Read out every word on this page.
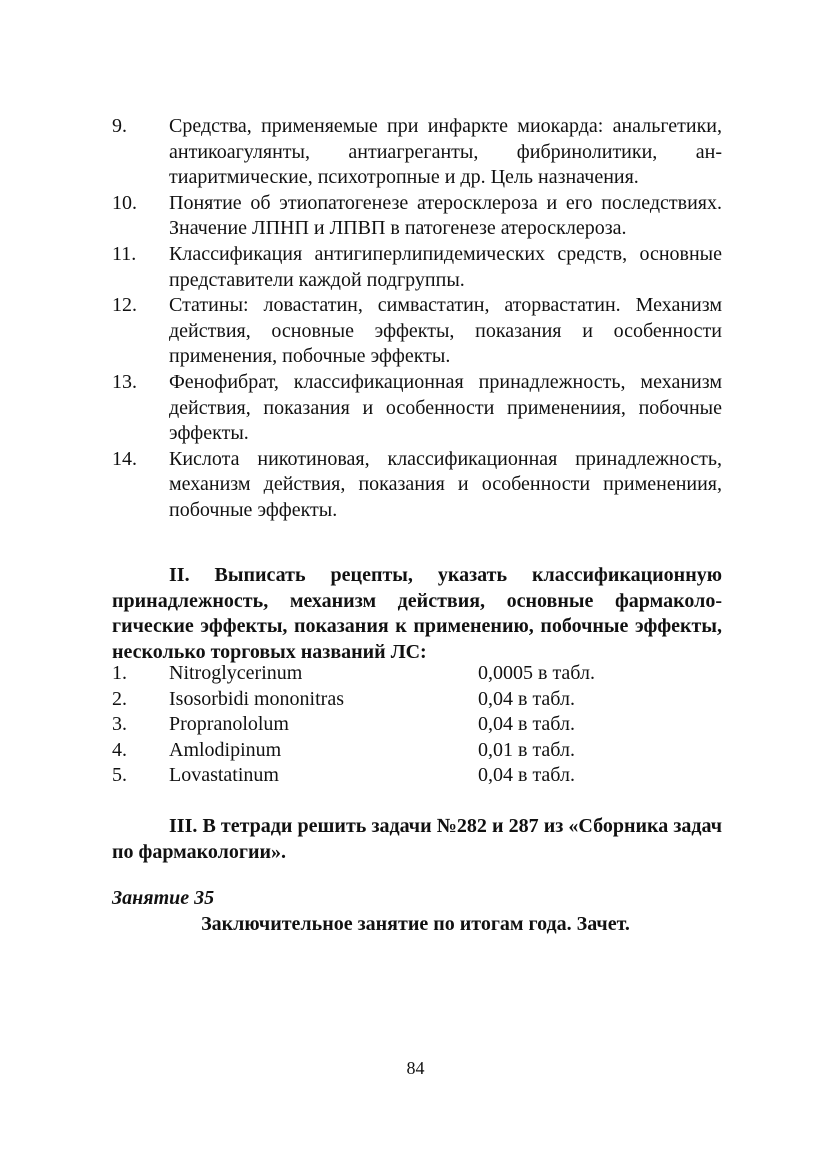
9.	Средства, применяемые при инфаркте миокарда: анальгетики, антикоагулянты, антиагреганты, фибринолитики, антиаритмические, психотропные и др. Цель назначения.
10.	Понятие об этиопатогенезе атеросклероза и его последствиях. Значение ЛПНП и ЛПВП в патогенезе атеросклероза.
11.	Классификация антигиперлипидемических средств, основные представители каждой подгруппы.
12.	Статины: ловастатин, симвастатин, аторвастатин. Механизм действия, основные эффекты, показания и особенности применения, побочные эффекты.
13.	Фенофибрат, классификационная принадлежность, механизм действия, показания и особенности применениия, побочные эффекты.
14.	Кислота никотиновая, классификационная принадлежность, механизм действия, показания и особенности применениия, побочные эффекты.
II. Выписать рецепты, указать классификационную принадлежность, механизм действия, основные фармакологические эффекты, показания к применению, побочные эффекты, несколько торговых названий ЛС:
1.	Nitroglycerinum	0,0005 в табл.
2.	Isosorbidi mononitras	0,04 в табл.
3.	Propranololum	0,04 в табл.
4.	Amlodipinum	0,01 в табл.
5.	Lovastatinum	0,04 в табл.
III. В тетради решить задачи №282 и 287 из «Сборника задач по фармакологии».
Занятие 35
Заключительное занятие по итогам года. Зачет.
84
